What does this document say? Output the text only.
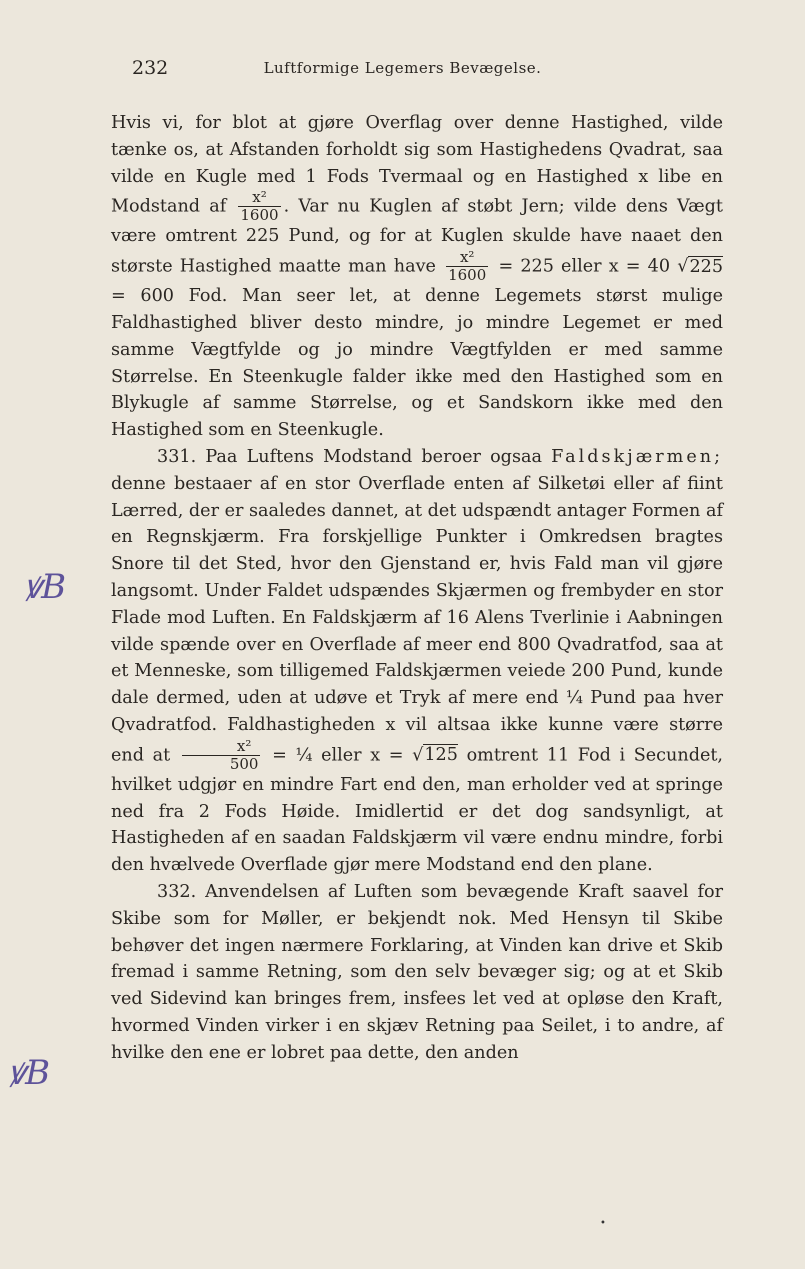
232	Luftformige Legemers Bevægelse.

Hvis vi, for blot at gjøre Overflag over denne Hastighed, vilde tænke os, at Afstanden forholdt sig som Hastighedens Qvadrat, saa vilde en Kugle med 1 Fods Tvermaal og en Hastighed x libe en Modstand af $\frac{\text{x²}}{1600}$ . Var nu Kuglen af støbt Jern; vilde dens Vægt være omtrent 225 Pund, og for at Kuglen skulde have naaet den største Hastighed maatte man have $\frac{\text{x²}}{1600} = 225$ eller x = 40 √225 = 600 Fod. Man seer let, at denne Legemets størst mulige Faldhastighed bliver desto mindre, jo mindre Legemet er med samme Vægtfylde og jo mindre Vægtfylden er med samme Størrelse. En Steenkugle falder ikke med den Hastighed som en Blykugle af samme Størrelse, og et Sandskorn ikke med den Hastighed som en Steenkugle.

331. Paa Luftens Modstand beroer ogsaa Faldskjærmen; denne bestaaer af en stor Overflade enten af Silketøi eller af fiint Lærred, der er saaledes dannet, at det udspændt antager Formen af en Regnskjærm. Fra forskjellige Punkter i Omkredsen bragtes Snore til det Sted, hvor den Gjenstand er, hvis Fald man vil gjøre langsomt. Under Faldet udspændes Skjærmen og frembyder en stor Flade mod Luften. En Faldskjærm af 16 Alens Tverlinie i Aabningen vilde spænde over en Overflade af meer end 800 Qvadratfod, saa at et Menneske, som tilligemed Faldskjærmen veiede 200 Pund, kunde dale dermed, uden at udøve et Tryk af mere end ¼ Pund paa hver Qvadratfod. Faldhastigheden x vil altsaa ikke kunne være større end at $\frac{\text{x²}}{500}$ = ¼ eller x = √125 omtrent 11 Fod i Secundet, hvilket udgjør en mindre Fart end den, man erholder ved at springe ned fra 2 Fods Høide. Imidlertid er det dog sandsynligt, at Hastigheden af en saadan Faldskjærm vil være endnu mindre, forbi den hvælvede Overflade gjør mere Modstand end den plane.

332. Anvendelsen af Luften som bevægende Kraft saavel for Skibe som for Møller, er bekjendt nok. Med Hensyn til Skibe behøver det ingen nærmere Forklaring, at Vinden kan drive et Skib fremad i samme Retning, som den selv bevæger sig; og at et Skib ved Sidevind kan bringes frem, insfees let ved at opløse den Kraft, hvormed Vinden virker i en skjæv Retning paa Seilet, i to andre, af hvilke den ene er lobret paa dette, den anden

ꝟB
ꝟB
•
